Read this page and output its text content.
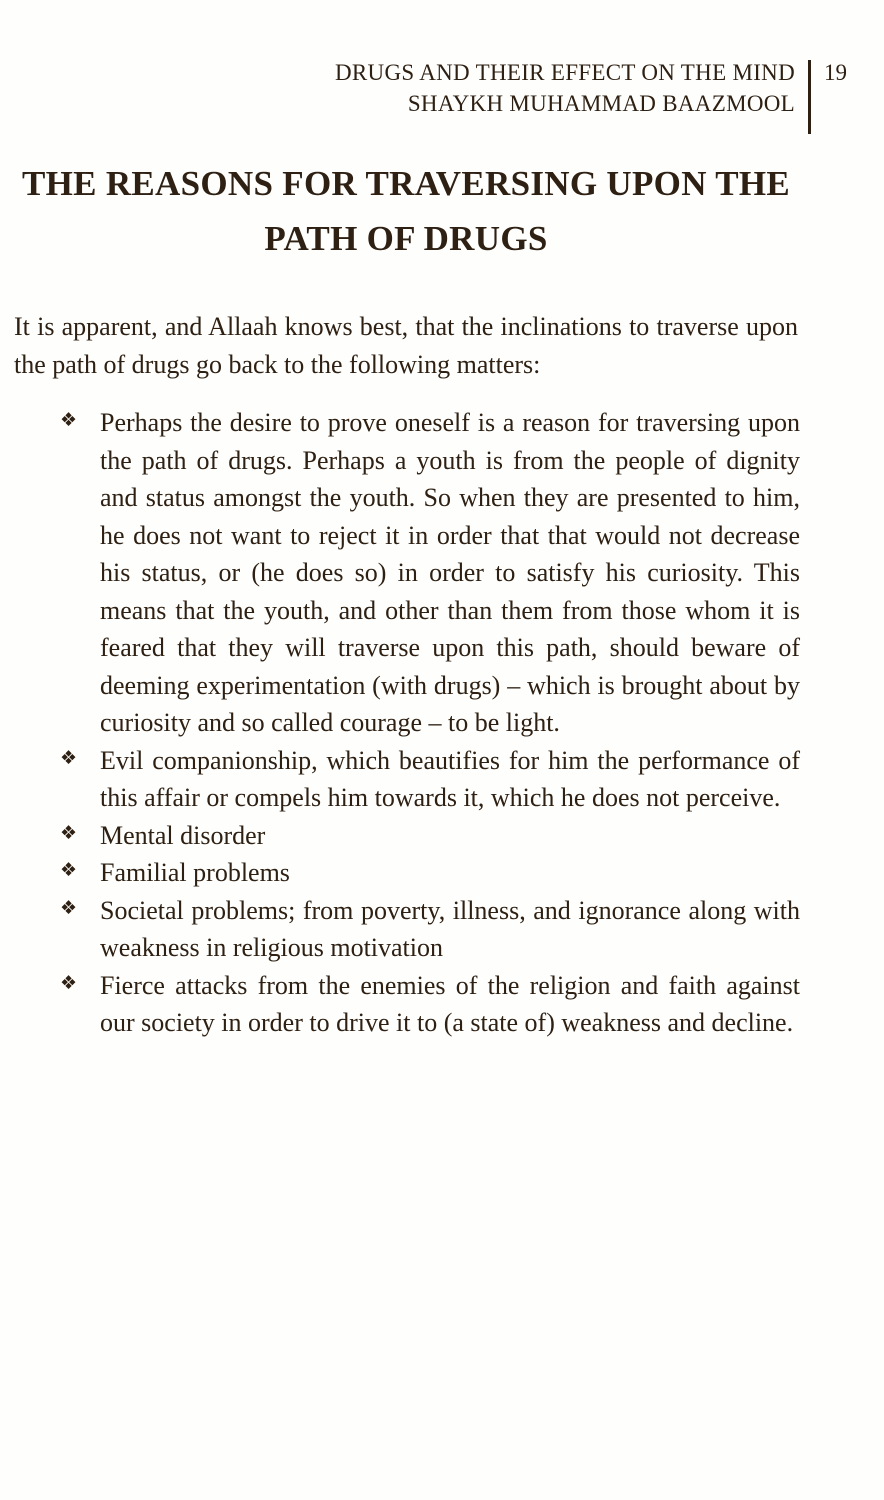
DRUGS AND THEIR EFFECT ON THE MIND
SHAYKH MUHAMMAD BAAZMOOL
19
THE REASONS FOR TRAVERSING UPON THE
PATH OF DRUGS

It is apparent, and Allaah knows best, that the inclinations to traverse upon the path of drugs go back to the following matters:

❖ Perhaps the desire to prove oneself is a reason for traversing upon the path of drugs. Perhaps a youth is from the people of dignity and status amongst the youth. So when they are presented to him, he does not want to reject it in order that that would not decrease his status, or (he does so) in order to satisfy his curiosity. This means that the youth, and other than them from those whom it is feared that they will traverse upon this path, should beware of deeming experimentation (with drugs) – which is brought about by curiosity and so called courage – to be light.
❖ Evil companionship, which beautifies for him the performance of this affair or compels him towards it, which he does not perceive.
❖ Mental disorder
❖ Familial problems
❖ Societal problems; from poverty, illness, and ignorance along with weakness in religious motivation
❖ Fierce attacks from the enemies of the religion and faith against our society in order to drive it to (a state of) weakness and decline.
